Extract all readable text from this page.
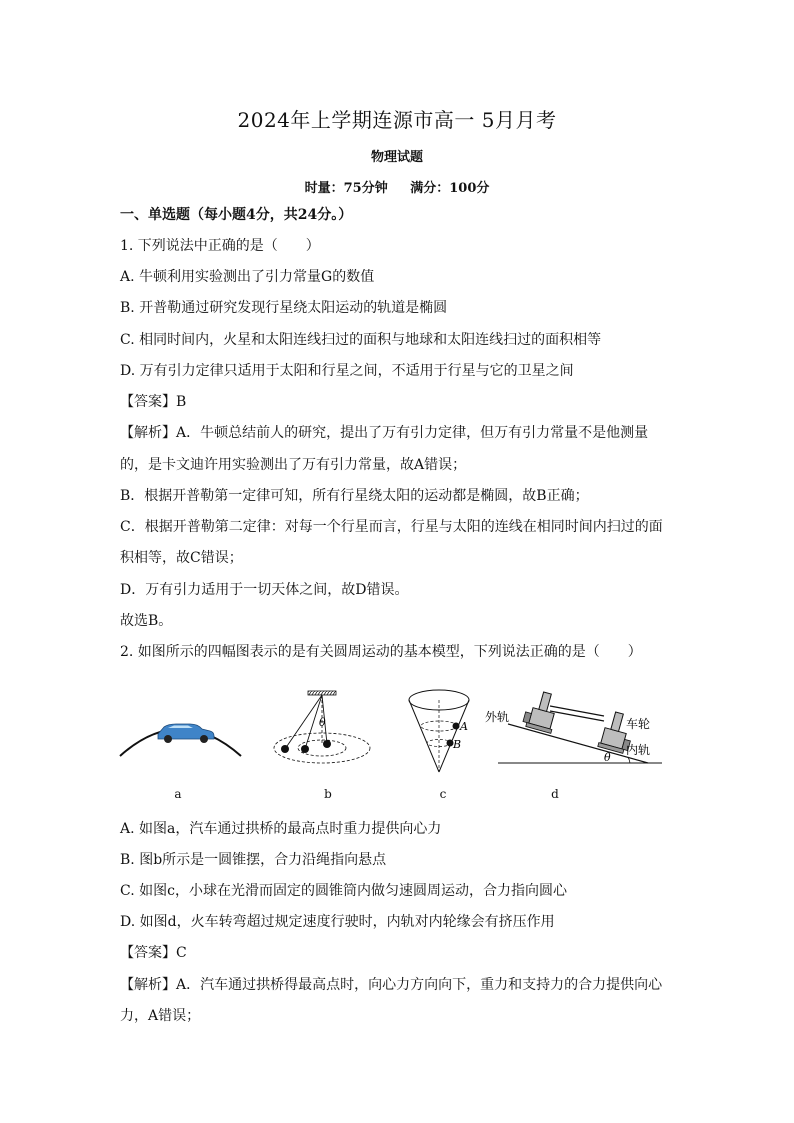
2024年上学期连源市高一 5月月考
物理试题
时量：75分钟 满分：100分
一、单选题（每小题4分，共24分。）
1. 下列说法中正确的是（　　）
A. 牛顿利用实验测出了引力常量G的数值
B. 开普勒通过研究发现行星绕太阳运动的轨道是椭圆
C. 相同时间内，火星和太阳连线扫过的面积与地球和太阳连线扫过的面积相等
D. 万有引力定律只适用于太阳和行星之间，不适用于行星与它的卫星之间
【答案】B
【解析】A．牛顿总结前人的研究，提出了万有引力定律，但万有引力常量不是他测量
的，是卡文迪许用实验测出了万有引力常量，故A错误；
B．根据开普勒第一定律可知，所有行星绕太阳的运动都是椭圆，故B正确；
C．根据开普勒第二定律：对每一个行星而言，行星与太阳的连线在相同时间内扫过的面
积相等，故C错误；
D．万有引力适用于一切天体之间，故D错误。
故选B。
2. 如图所示的四幅图表示的是有关圆周运动的基本模型，下列说法正确的是（　　）
a
θ
b
A
B
c
外轨	车轮
内轨
θ
d
A. 如图a，汽车通过拱桥的最高点时重力提供向心力
B. 图b所示是一圆锥摆，合力沿绳指向悬点
C. 如图c，小球在光滑而固定的圆锥筒内做匀速圆周运动，合力指向圆心
D. 如图d，火车转弯超过规定速度行驶时，内轨对内轮缘会有挤压作用
【答案】C
【解析】A．汽车通过拱桥得最高点时，向心力方向向下，重力和支持力的合力提供向心
力，A错误；
